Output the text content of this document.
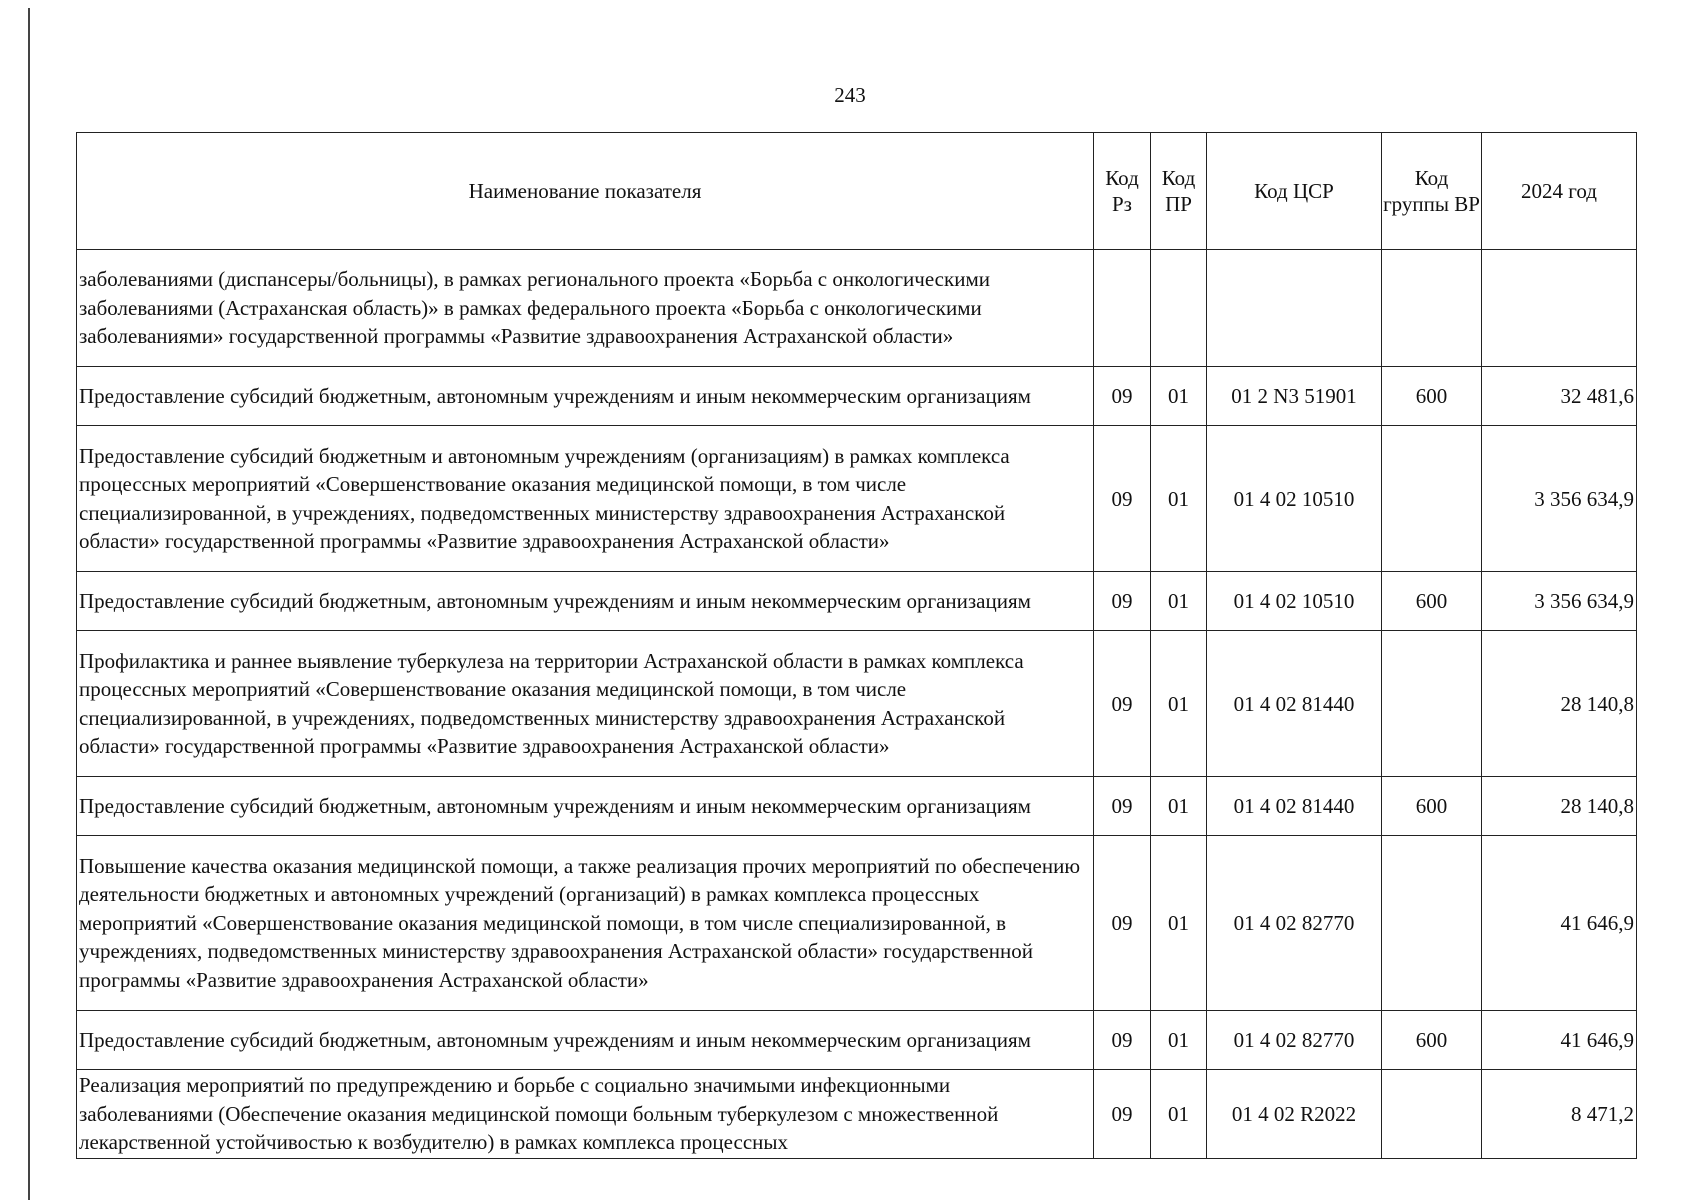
243
Наименование показателя	Код Рз	Код ПР	Код ЦСР	Код группы ВР	2024 год
заболеваниями (диспансеры/больницы), в рамках регионального проекта «Борьба с онкологическими заболеваниями (Астраханская область)» в рамках федерального проекта «Борьба с онкологическими заболеваниями» государственной программы «Развитие здравоохранения Астраханской области»					
Предоставление субсидий бюджетным, автономным учреждениям и иным некоммерческим организациям	09	01	01 2 N3 51901	600	32 481,6
Предоставление субсидий бюджетным и автономным учреждениям (организациям) в рамках комплекса процессных мероприятий «Совершенствование оказания медицинской помощи, в том числе специализированной, в учреждениях, подведомственных министерству здравоохранения Астраханской области» государственной программы «Развитие здравоохранения Астраханской области»	09	01	01 4 02 10510		3 356 634,9
Предоставление субсидий бюджетным, автономным учреждениям и иным некоммерческим организациям	09	01	01 4 02 10510	600	3 356 634,9
Профилактика и раннее выявление туберкулеза на территории Астраханской области в рамках комплекса процессных мероприятий «Совершенствование оказания медицинской помощи, в том числе специализированной, в учреждениях, подведомственных министерству здравоохранения Астраханской области» государственной программы «Развитие здравоохранения Астраханской области»	09	01	01 4 02 81440		28 140,8
Предоставление субсидий бюджетным, автономным учреждениям и иным некоммерческим организациям	09	01	01 4 02 81440	600	28 140,8
Повышение качества оказания медицинской помощи, а также реализация прочих мероприятий по обеспечению деятельности бюджетных и автономных учреждений (организаций) в рамках комплекса процессных мероприятий «Совершенствование оказания медицинской помощи, в том числе специализированной, в учреждениях, подведомственных министерству здравоохранения Астраханской области» государственной программы «Развитие здравоохранения Астраханской области»	09	01	01 4 02 82770		41 646,9
Предоставление субсидий бюджетным, автономным учреждениям и иным некоммерческим организациям	09	01	01 4 02 82770	600	41 646,9
Реализация мероприятий по предупреждению и борьбе с социально значимыми инфекционными заболеваниями (Обеспечение оказания медицинской помощи больным туберкулезом с множественной лекарственной устойчивостью к возбудителю) в рамках комплекса процессных	09	01	01 4 02 R2022		8 471,2
